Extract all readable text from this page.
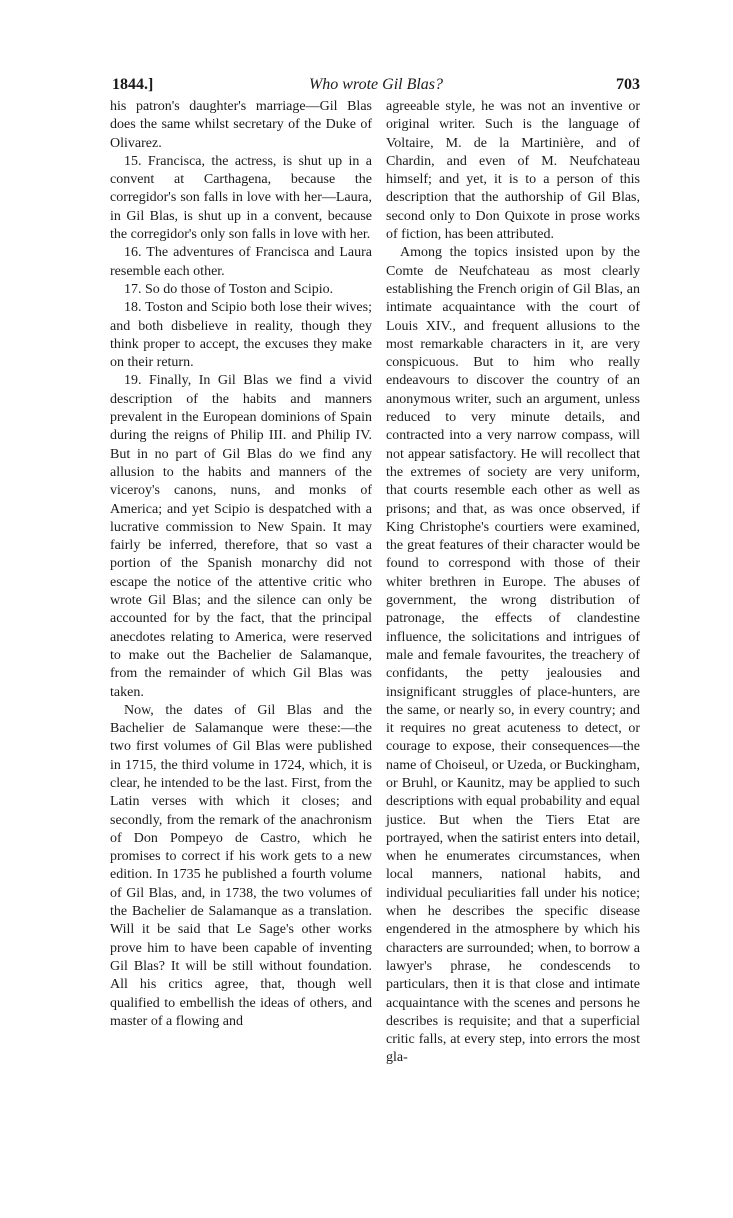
1844.]	Who wrote Gil Blas?	703

his patron's daughter's marriage—Gil Blas does the same whilst secretary of the Duke of Olivarez.

15. Francisca, the actress, is shut up in a convent at Carthagena, because the corregidor's son falls in love with her—Laura, in Gil Blas, is shut up in a convent, because the corregidor's only son falls in love with her.

16. The adventures of Francisca and Laura resemble each other.

17. So do those of Toston and Scipio.

18. Toston and Scipio both lose their wives; and both disbelieve in reality, though they think proper to accept, the excuses they make on their return.

19. Finally, In Gil Blas we find a vivid description of the habits and manners prevalent in the European dominions of Spain during the reigns of Philip III. and Philip IV. But in no part of Gil Blas do we find any allusion to the habits and manners of the viceroy's canons, nuns, and monks of America; and yet Scipio is despatched with a lucrative commission to New Spain. It may fairly be inferred, therefore, that so vast a portion of the Spanish monarchy did not escape the notice of the attentive critic who wrote Gil Blas; and the silence can only be accounted for by the fact, that the principal anecdotes relating to America, were reserved to make out the Bachelier de Salamanque, from the remainder of which Gil Blas was taken.

Now, the dates of Gil Blas and the Bachelier de Salamanque were these:—the two first volumes of Gil Blas were published in 1715, the third volume in 1724, which, it is clear, he intended to be the last. First, from the Latin verses with which it closes; and secondly, from the remark of the anachronism of Don Pompeyo de Castro, which he promises to correct if his work gets to a new edition. In 1735 he published a fourth volume of Gil Blas, and, in 1738, the two volumes of the Bachelier de Salamanque as a translation. Will it be said that Le Sage's other works prove him to have been capable of inventing Gil Blas? It will be still without foundation. All his critics agree, that, though well qualified to embellish the ideas of others, and master of a flowing and

agreeable style, he was not an inventive or original writer. Such is the language of Voltaire, M. de la Martinière, and of Chardin, and even of M. Neufchateau himself; and yet, it is to a person of this description that the authorship of Gil Blas, second only to Don Quixote in prose works of fiction, has been attributed.

Among the topics insisted upon by the Comte de Neufchateau as most clearly establishing the French origin of Gil Blas, an intimate acquaintance with the court of Louis XIV., and frequent allusions to the most remarkable characters in it, are very conspicuous. But to him who really endeavours to discover the country of an anonymous writer, such an argument, unless reduced to very minute details, and contracted into a very narrow compass, will not appear satisfactory. He will recollect that the extremes of society are very uniform, that courts resemble each other as well as prisons; and that, as was once observed, if King Christophe's courtiers were examined, the great features of their character would be found to correspond with those of their whiter brethren in Europe. The abuses of government, the wrong distribution of patronage, the effects of clandestine influence, the solicitations and intrigues of male and female favourites, the treachery of confidants, the petty jealousies and insignificant struggles of place-hunters, are the same, or nearly so, in every country; and it requires no great acuteness to detect, or courage to expose, their consequences—the name of Choiseul, or Uzeda, or Buckingham, or Bruhl, or Kaunitz, may be applied to such descriptions with equal probability and equal justice. But when the Tiers Etat are portrayed, when the satirist enters into detail, when he enumerates circumstances, when local manners, national habits, and individual peculiarities fall under his notice; when he describes the specific disease engendered in the atmosphere by which his characters are surrounded; when, to borrow a lawyer's phrase, he condescends to particulars, then it is that close and intimate acquaintance with the scenes and persons he describes is requisite; and that a superficial critic falls, at every step, into errors the most gla-
